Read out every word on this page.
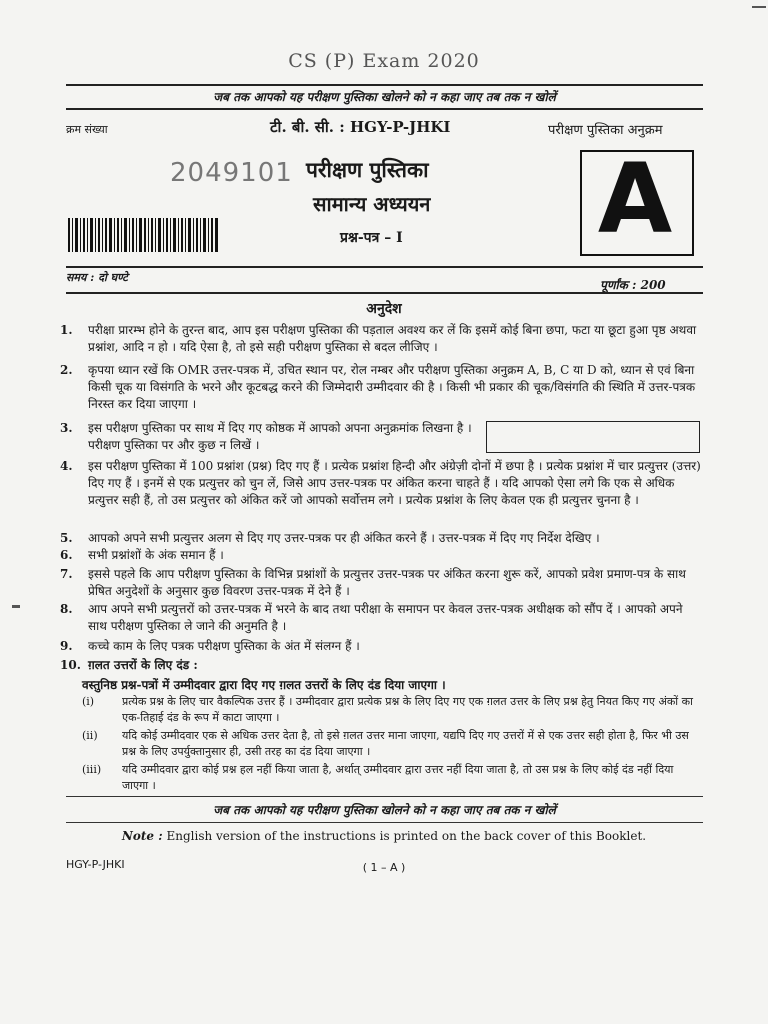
CS (P) Exam 2020
जब तक आपको यह परीक्षण पुस्तिका खोलने को न कहा जाए तब तक न खोलें
क्रम संख्या	टी. बी. सी. : HGY-P-JHKI	परीक्षण पुस्तिका अनुक्रम
2049101 परीक्षण पुस्तिका
सामान्य अध्ययन
प्रश्न-पत्र – I A
समय : दो घण्टे
पूर्णांक : 200
अनुदेश
1. परीक्षा प्रारम्भ होने के तुरन्त बाद, आप इस परीक्षण पुस्तिका की पड़ताल अवश्य कर लें कि इसमें कोई बिना छपा, फटा या छूटा हुआ पृष्ठ अथवा प्रश्नांश, आदि न हो । यदि ऐसा है, तो इसे सही परीक्षण पुस्तिका से बदल लीजिए ।
2. कृपया ध्यान रखें कि OMR उत्तर-पत्रक में, उचित स्थान पर, रोल नम्बर और परीक्षण पुस्तिका अनुक्रम A, B, C या D को, ध्यान से एवं बिना किसी चूक या विसंगति के भरने और कूटबद्ध करने की जिम्मेदारी उम्मीदवार की है । किसी भी प्रकार की चूक/विसंगति की स्थिति में उत्तर-पत्रक निरस्त कर दिया जाएगा ।
3. इस परीक्षण पुस्तिका पर साथ में दिए गए कोष्ठक में आपको अपना अनुक्रमांक लिखना है । परीक्षण पुस्तिका पर और कुछ न लिखें ।
4. इस परीक्षण पुस्तिका में 100 प्रश्नांश (प्रश्न) दिए गए हैं । प्रत्येक प्रश्नांश हिन्दी और अंग्रेज़ी दोनों में छपा है । प्रत्येक प्रश्नांश में चार प्रत्युत्तर (उत्तर) दिए गए हैं । इनमें से एक प्रत्युत्तर को चुन लें, जिसे आप उत्तर-पत्रक पर अंकित करना चाहते हैं । यदि आपको ऐसा लगे कि एक से अधिक प्रत्युत्तर सही हैं, तो उस प्रत्युत्तर को अंकित करें जो आपको सर्वोत्तम लगे । प्रत्येक प्रश्नांश के लिए केवल एक ही प्रत्युत्तर चुनना है ।
5. आपको अपने सभी प्रत्युत्तर अलग से दिए गए उत्तर-पत्रक पर ही अंकित करने हैं । उत्तर-पत्रक में दिए गए निर्देश देखिए ।
6. सभी प्रश्नांशों के अंक समान हैं ।
7. इससे पहले कि आप परीक्षण पुस्तिका के विभिन्न प्रश्नांशों के प्रत्युत्तर उत्तर-पत्रक पर अंकित करना शुरू करें, आपको प्रवेश प्रमाण-पत्र के साथ प्रेषित अनुदेशों के अनुसार कुछ विवरण उत्तर-पत्रक में देने हैं ।
8. आप अपने सभी प्रत्युत्तरों को उत्तर-पत्रक में भरने के बाद तथा परीक्षा के समापन पर केवल उत्तर-पत्रक अधीक्षक को सौंप दें । आपको अपने साथ परीक्षण पुस्तिका ले जाने की अनुमति है ।
9. कच्चे काम के लिए पत्रक परीक्षण पुस्तिका के अंत में संलग्न हैं ।
10. ग़लत उत्तरों के लिए दंड :
वस्तुनिष्ठ प्रश्न-पत्रों में उम्मीदवार द्वारा दिए गए ग़लत उत्तरों के लिए दंड दिया जाएगा ।
(i)	प्रत्येक प्रश्न के लिए चार वैकल्पिक उत्तर हैं । उम्मीदवार द्वारा प्रत्येक प्रश्न के लिए दिए गए एक ग़लत उत्तर के लिए प्रश्न हेतु नियत किए गए अंकों का एक-तिहाई दंड के रूप में काटा जाएगा ।
(ii) यदि कोई उम्मीदवार एक से अधिक उत्तर देता है, तो इसे ग़लत उत्तर माना जाएगा, यद्यपि दिए गए उत्तरों में से एक उत्तर सही होता है, फिर भी उस प्रश्न के लिए उपर्युक्तानुसार ही, उसी तरह का दंड दिया जाएगा ।
(iii) यदि उम्मीदवार द्वारा कोई प्रश्न हल नहीं किया जाता है, अर्थात् उम्मीदवार द्वारा उत्तर नहीं दिया जाता है, तो उस प्रश्न के लिए कोई दंड नहीं दिया जाएगा ।
जब तक आपको यह परीक्षण पुस्तिका खोलने को न कहा जाए तब तक न खोलें
Note : English version of the instructions is printed on the back cover of this Booklet.
HGY-P-JHKI	( 1 – A )
